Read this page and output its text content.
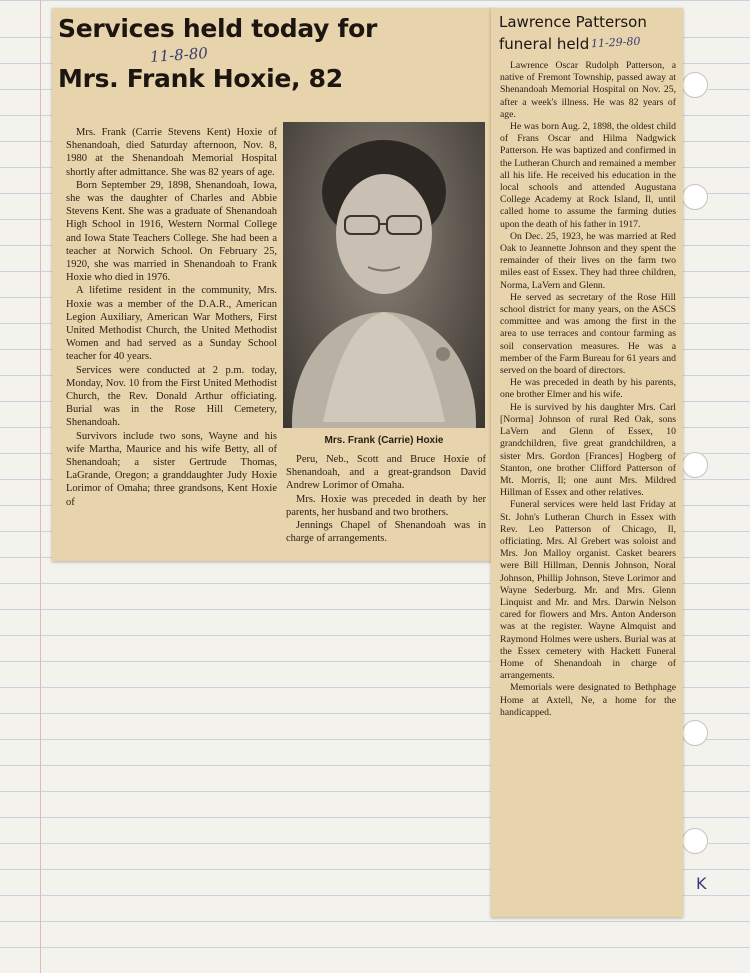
Services held today for
11-8-80
Mrs. Frank Hoxie, 82

Mrs. Frank (Carrie Stevens Kent) Hoxie of Shenandoah, died Saturday afternoon, Nov. 8, 1980 at the Shenandoah Memorial Hospital shortly after admittance. She was 82 years of age.

Born September 29, 1898, Shenandoah, Iowa, she was the daughter of Charles and Abbie Stevens Kent. She was a graduate of Shenandoah High School in 1916, Western Normal College and Iowa State Teachers College. She had been a teacher at Norwich School. On February 25, 1920, she was married in Shenandoah to Frank Hoxie who died in 1976.

A lifetime resident in the community, Mrs. Hoxie was a member of the D.A.R., American Legion Auxiliary, American War Mothers, First United Methodist Church, the United Methodist Women and had served as a Sunday School teacher for 40 years.

Services were conducted at 2 p.m. today, Monday, Nov. 10 from the First United Methodist Church, the Rev. Donald Arthur officiating. Burial was in the Rose Hill Cemetery, Shenandoah.

Survivors include two sons, Wayne and his wife Martha, Maurice and his wife Betty, all of Shenandoah; a sister Gertrude Thomas, LaGrande, Oregon; a granddaughter Judy Hoxie Lorimor of Omaha; three grandsons, Kent Hoxie of

Mrs. Frank (Carrie) Hoxie

Peru, Neb., Scott and Bruce Hoxie of Shenandoah, and a great-grandson David Andrew Lorimor of Omaha.

Mrs. Hoxie was preceded in death by her parents, her husband and two brothers.

Jennings Chapel of Shenandoah was in charge of arrangements.

Lawrence Patterson
funeral held 11-29-80

Lawrence Oscar Rudolph Patterson, a native of Fremont Township, passed away at Shenandoah Memorial Hospital on Nov. 25, after a week's illness. He was 82 years of age.

He was born Aug. 2, 1898, the oldest child of Frans Oscar and Hilma Nadgwick Patterson. He was baptized and confirmed in the Lutheran Church and remained a member all his life. He received his education in the local schools and attended Augustana College Academy at Rock Island, Il, until called home to assume the farming duties upon the death of his father in 1917.

On Dec. 25, 1923, he was married at Red Oak to Jeannette Johnson and they spent the remainder of their lives on the farm two miles east of Essex. They had three children, Norma, LaVern and Glenn.

He served as secretary of the Rose Hill school district for many years, on the ASCS committee and was among the first in the area to use terraces and contour farming as soil conservation measures. He was a member of the Farm Bureau for 61 years and served on the board of directors.

He was preceded in death by his parents, one brother Elmer and his wife.

He is survived by his daughter Mrs. Carl [Norma] Johnson of rural Red Oak, sons LaVern and Glenn of Essex, 10 grandchildren, five great grandchildren, a sister Mrs. Gordon [Frances] Hogberg of Stanton, one brother Clifford Patterson of Mt. Morris, Il; one aunt Mrs. Mildred Hillman of Essex and other relatives.

Funeral services were held last Friday at St. John's Lutheran Church in Essex with Rev. Leo Patterson of Chicago, Il, officiating. Mrs. Al Grebert was soloist and Mrs. Jon Malloy organist. Casket bearers were Bill Hillman, Dennis Johnson, Noral Johnson, Phillip Johnson, Steve Lorimor and Wayne Sederburg. Mr. and Mrs. Glenn Linquist and Mr. and Mrs. Darwin Nelson cared for flowers and Mrs. Anton Anderson was at the register. Wayne Almquist and Raymond Holmes were ushers. Burial was at the Essex cemetery with Hackett Funeral Home of Shenandoah in charge of arrangements.

Memorials were designated to Bethphage Home at Axtell, Ne, a home for the handicapped.

K
